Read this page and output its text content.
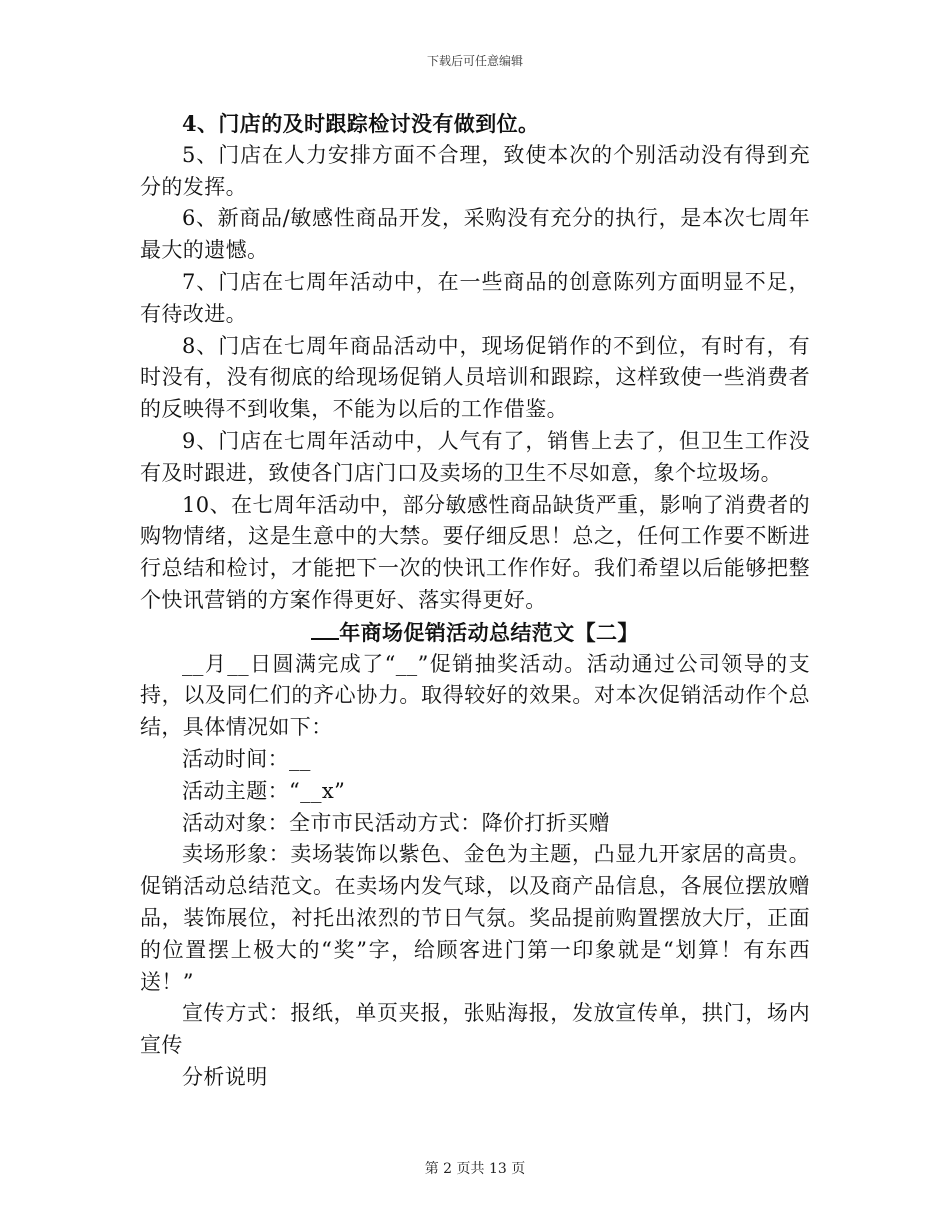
下载后可任意编辑

4、门店的及时跟踪检讨没有做到位。

5、门店在人力安排方面不合理，致使本次的个别活动没有得到充分的发挥。

6、新商品/敏感性商品开发，采购没有充分的执行，是本次七周年最大的遗憾。

7、门店在七周年活动中，在一些商品的创意陈列方面明显不足，有待改进。

8、门店在七周年商品活动中，现场促销作的不到位，有时有，有时没有，没有彻底的给现场促销人员培训和跟踪，这样致使一些消费者的反映得不到收集，不能为以后的工作借鉴。

9、门店在七周年活动中，人气有了，销售上去了，但卫生工作没有及时跟进，致使各门店门口及卖场的卫生不尽如意，象个垃圾场。

10、在七周年活动中，部分敏感性商品缺货严重，影响了消费者的购物情绪，这是生意中的大禁。要仔细反思！总之，任何工作要不断进行总结和检讨，才能把下一次的快讯工作作好。我们希望以后能够把整个快讯营销的方案作得更好、落实得更好。

年商场促销活动总结范文【二】

__月__日圆满完成了“__”促销抽奖活动。活动通过公司领导的支持，以及同仁们的齐心协力。取得较好的效果。对本次促销活动作个总结，具体情况如下：

活动时间：__

活动主题：“__x”

活动对象：全市市民活动方式：降价打折买赠

卖场形象：卖场装饰以紫色、金色为主题，凸显九开家居的高贵。促销活动总结范文。在卖场内发气球，以及商产品信息，各展位摆放赠品，装饰展位，衬托出浓烈的节日气氛。奖品提前购置摆放大厅，正面的位置摆上极大的“奖”字，给顾客进门第一印象就是“划算！有东西送！”

宣传方式：报纸，单页夹报，张贴海报，发放宣传单，拱门，场内宣传

分析说明

第 2 页共 13 页
